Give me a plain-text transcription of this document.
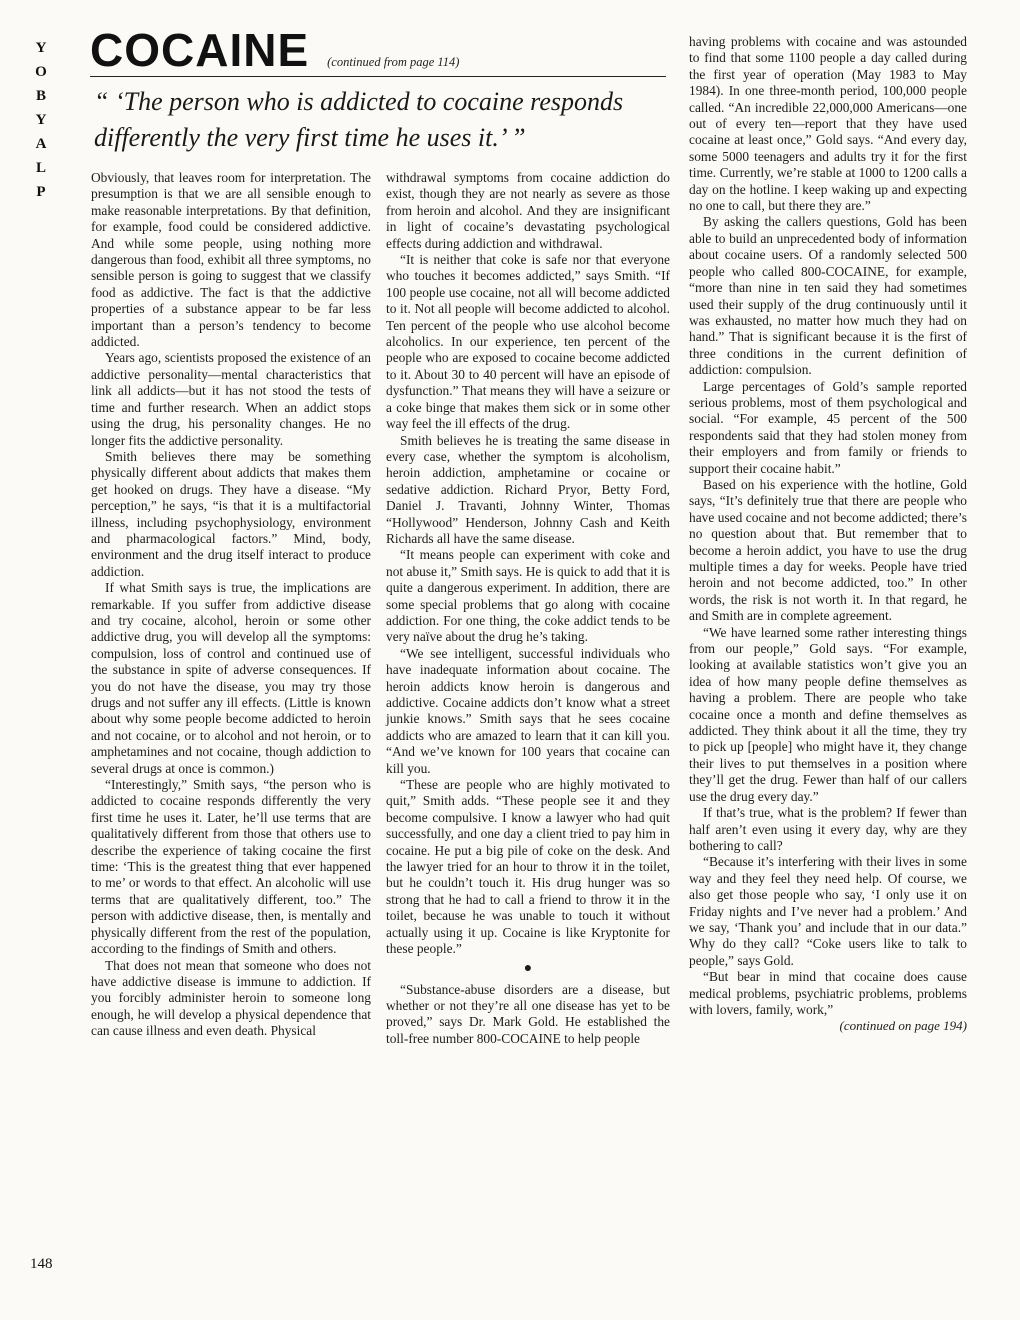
Y
O
B
Y
A
L
P
COCAINE (continued from page 114)
“ ‘The person who is addicted to cocaine responds differently the very first time he uses it.’ ”

Obviously, that leaves room for interpretation. The presumption is that we are all sensible enough to make reasonable interpretations. By that definition, for example, food could be considered addictive. And while some people, using nothing more dangerous than food, exhibit all three symptoms, no sensible person is going to suggest that we classify food as addictive. The fact is that the addictive properties of a substance appear to be far less important than a person’s tendency to become addicted.

Years ago, scientists proposed the existence of an addictive personality—mental characteristics that link all addicts—but it has not stood the tests of time and further research. When an addict stops using the drug, his personality changes. He no longer fits the addictive personality.

Smith believes there may be something physically different about addicts that makes them get hooked on drugs. They have a disease. “My perception,” he says, “is that it is a multifactorial illness, including psychophysiology, environment and pharmacological factors.” Mind, body, environment and the drug itself interact to produce addiction.

If what Smith says is true, the implications are remarkable. If you suffer from addictive disease and try cocaine, alcohol, heroin or some other addictive drug, you will develop all the symptoms: compulsion, loss of control and continued use of the substance in spite of adverse consequences. If you do not have the disease, you may try those drugs and not suffer any ill effects. (Little is known about why some people become addicted to heroin and not cocaine, or to alcohol and not heroin, or to amphetamines and not cocaine, though addiction to several drugs at once is common.)

“Interestingly,” Smith says, “the person who is addicted to cocaine responds differently the very first time he uses it. Later, he’ll use terms that are qualitatively different from those that others use to describe the experience of taking cocaine the first time: ‘This is the greatest thing that ever happened to me’ or words to that effect. An alcoholic will use terms that are qualitatively different, too.” The person with addictive disease, then, is mentally and physically different from the rest of the population, according to the findings of Smith and others.

That does not mean that someone who does not have addictive disease is immune to addiction. If you forcibly administer heroin to someone long enough, he will develop a physical dependence that can cause illness and even death. Physical

withdrawal symptoms from cocaine addiction do exist, though they are not nearly as severe as those from heroin and alcohol. And they are insignificant in light of cocaine’s devastating psychological effects during addiction and withdrawal.

“It is neither that coke is safe nor that everyone who touches it becomes addicted,” says Smith. “If 100 people use cocaine, not all will become addicted to it. Not all people will become addicted to alcohol. Ten percent of the people who use alcohol become alcoholics. In our experience, ten percent of the people who are exposed to cocaine become addicted to it. About 30 to 40 percent will have an episode of dysfunction.” That means they will have a seizure or a coke binge that makes them sick or in some other way feel the ill effects of the drug.

Smith believes he is treating the same disease in every case, whether the symptom is alcoholism, heroin addiction, amphetamine or cocaine or sedative addiction. Richard Pryor, Betty Ford, Daniel J. Travanti, Johnny Winter, Thomas “Hollywood” Henderson, Johnny Cash and Keith Richards all have the same disease.

“It means people can experiment with coke and not abuse it,” Smith says. He is quick to add that it is quite a dangerous experiment. In addition, there are some special problems that go along with cocaine addiction. For one thing, the coke addict tends to be very naïve about the drug he’s taking.

“We see intelligent, successful individuals who have inadequate information about cocaine. The heroin addicts know heroin is dangerous and addictive. Cocaine addicts don’t know what a street junkie knows.” Smith says that he sees cocaine addicts who are amazed to learn that it can kill you. “And we’ve known for 100 years that cocaine can kill you.

“These are people who are highly motivated to quit,” Smith adds. “These people see it and they become compulsive. I know a lawyer who had quit successfully, and one day a client tried to pay him in cocaine. He put a big pile of coke on the desk. And the lawyer tried for an hour to throw it in the toilet, but he couldn’t touch it. His drug hunger was so strong that he had to call a friend to throw it in the toilet, because he was unable to touch it without actually using it up. Cocaine is like Kryptonite for these people.”

●

“Substance-abuse disorders are a disease, but whether or not they’re all one disease has yet to be proved,” says Dr. Mark Gold. He established the toll-free number 800-COCAINE to help people

having problems with cocaine and was astounded to find that some 1100 people a day called during the first year of operation (May 1983 to May 1984). In one three-month period, 100,000 people called. “An incredible 22,000,000 Americans—one out of every ten—report that they have used cocaine at least once,” Gold says. “And every day, some 5000 teenagers and adults try it for the first time. Currently, we’re stable at 1000 to 1200 calls a day on the hotline. I keep waking up and expecting no one to call, but there they are.”

By asking the callers questions, Gold has been able to build an unprecedented body of information about cocaine users. Of a randomly selected 500 people who called 800-COCAINE, for example, “more than nine in ten said they had sometimes used their supply of the drug continuously until it was exhausted, no matter how much they had on hand.” That is significant because it is the first of three conditions in the current definition of addiction: compulsion.

Large percentages of Gold’s sample reported serious problems, most of them psychological and social. “For example, 45 percent of the 500 respondents said that they had stolen money from their employers and from family or friends to support their cocaine habit.”

Based on his experience with the hotline, Gold says, “It’s definitely true that there are people who have used cocaine and not become addicted; there’s no question about that. But remember that to become a heroin addict, you have to use the drug multiple times a day for weeks. People have tried heroin and not become addicted, too.” In other words, the risk is not worth it. In that regard, he and Smith are in complete agreement.

“We have learned some rather interesting things from our people,” Gold says. “For example, looking at available statistics won’t give you an idea of how many people define themselves as having a problem. There are people who take cocaine once a month and define themselves as addicted. They think about it all the time, they try to pick up [people] who might have it, they change their lives to put themselves in a position where they’ll get the drug. Fewer than half of our callers use the drug every day.”

If that’s true, what is the problem? If fewer than half aren’t even using it every day, why are they bothering to call?

“Because it’s interfering with their lives in some way and they feel they need help. Of course, we also get those people who say, ‘I only use it on Friday nights and I’ve never had a problem.’ And we say, ‘Thank you’ and include that in our data.” Why do they call? “Coke users like to talk to people,” says Gold.

“But bear in mind that cocaine does cause medical problems, psychiatric problems, problems with lovers, family, work,”

(continued on page 194)
148
